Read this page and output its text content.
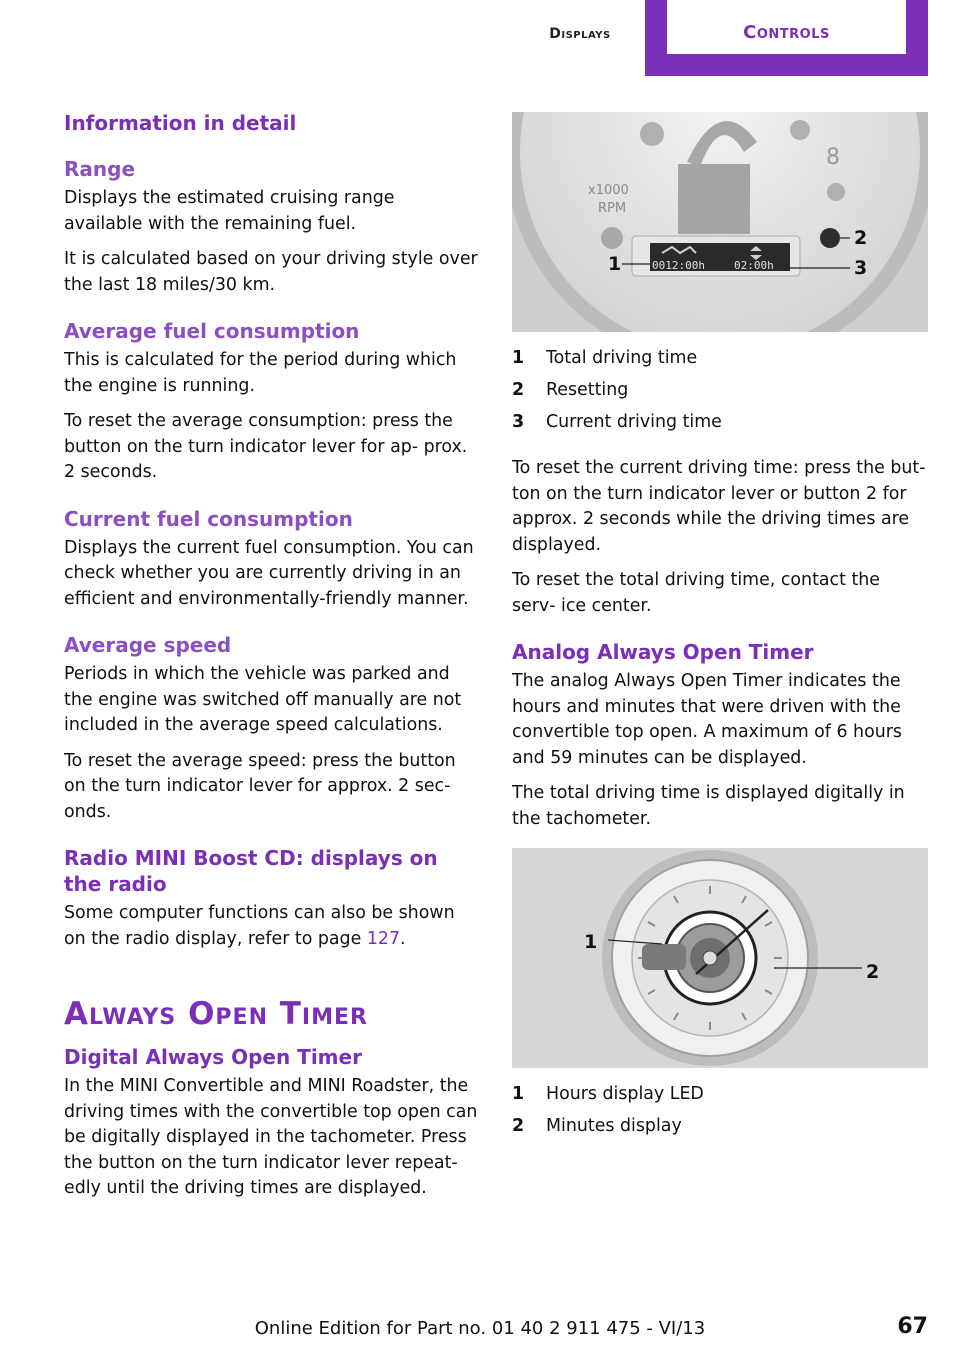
Displays	Controls
Information in detail
Range

Displays the estimated cruising range available with the remaining fuel.

It is calculated based on your driving style over the last 18 miles/30 km.

Average fuel consumption

This is calculated for the period during which the engine is running.

To reset the average consumption: press the button on the turn indicator lever for ap‐ prox. 2 seconds.

Current fuel consumption

Displays the current fuel consumption. You can check whether you are currently driving in an efficient and environmentally-friendly manner.

Average speed

Periods in which the vehicle was parked and the engine was switched off manually are not included in the average speed calculations.

To reset the average speed: press the button on the turn indicator lever for approx. 2 sec‐ onds.

Radio MINI Boost CD: displays on the radio

Some computer functions can also be shown on the radio display, refer to page 127.

Always Open Timer
Digital Always Open Timer

In the MINI Convertible and MINI Roadster, the driving times with the convertible top open can be digitally displayed in the tachometer. Press the button on the turn indicator lever repeat‐ edly until the driving times are displayed.

8
x1000
RPM
0012:00h	02:00h
1
2
3
1	Total driving time
2	Resetting
3	Current driving time

To reset the current driving time: press the but‐ ton on the turn indicator lever or button 2 for approx. 2 seconds while the driving times are displayed.

To reset the total driving time, contact the serv‐ ice center.

Analog Always Open Timer

The analog Always Open Timer indicates the hours and minutes that were driven with the convertible top open. A maximum of 6 hours and 59 minutes can be displayed.

The total driving time is displayed digitally in the tachometer.

1
2
1	Hours display LED
2	Minutes display
Online Edition for Part no. 01 40 2 911 475 - VI/13	67
